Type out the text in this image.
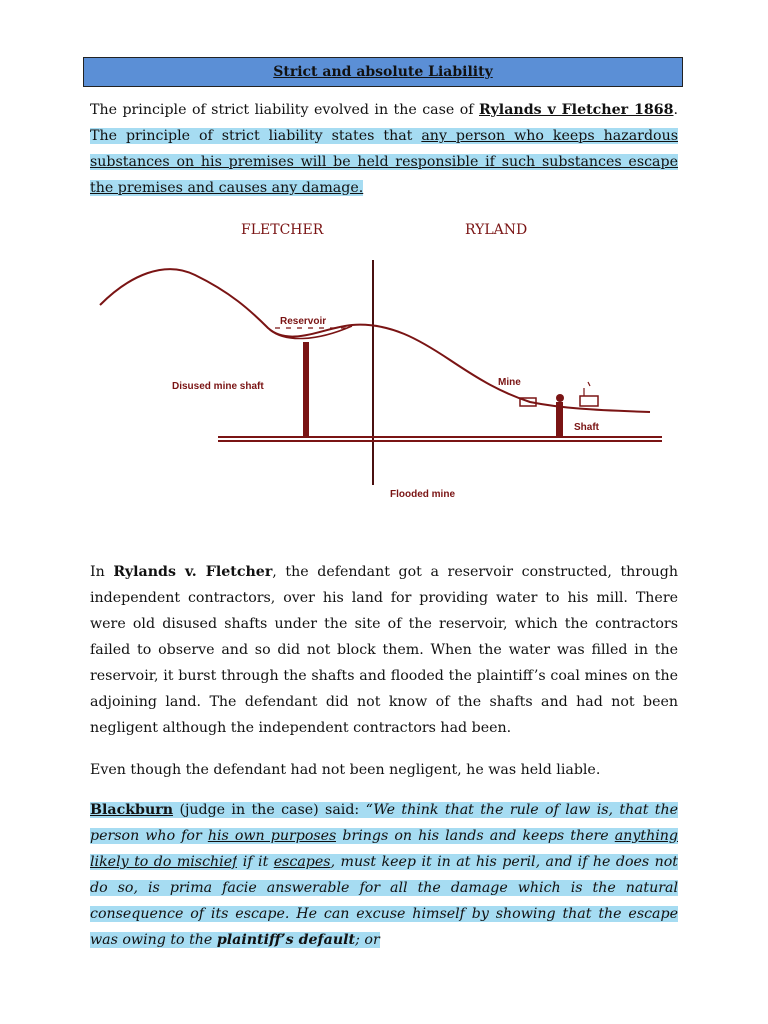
Strict and absolute Liability
The principle of strict liability evolved in the case of Rylands v Fletcher 1868. The principle of strict liability states that any person who keeps hazardous substances on his premises will be held responsible if such substances escape the premises and causes any damage.
FLETCHER	RYLAND
Reservoir
Disused mine shaft	Mine
Shaft
Flooded mine
In Rylands v. Fletcher, the defendant got a reservoir constructed, through independent contractors, over his land for providing water to his mill. There were old disused shafts under the site of the reservoir, which the contractors failed to observe and so did not block them. When the water was filled in the reservoir, it burst through the shafts and flooded the plaintiff’s coal mines on the adjoining land. The defendant did not know of the shafts and had not been negligent although the independent contractors had been.
Even though the defendant had not been negligent, he was held liable.
Blackburn (judge in the case) said: “We think that the rule of law is, that the person who for his own purposes brings on his lands and keeps there anything likely to do mischief if it escapes, must keep it in at his peril, and if he does not do so, is prima facie answerable for all the damage which is the natural consequence of its escape. He can excuse himself by showing that the escape was owing to the plaintiff’s default; or
